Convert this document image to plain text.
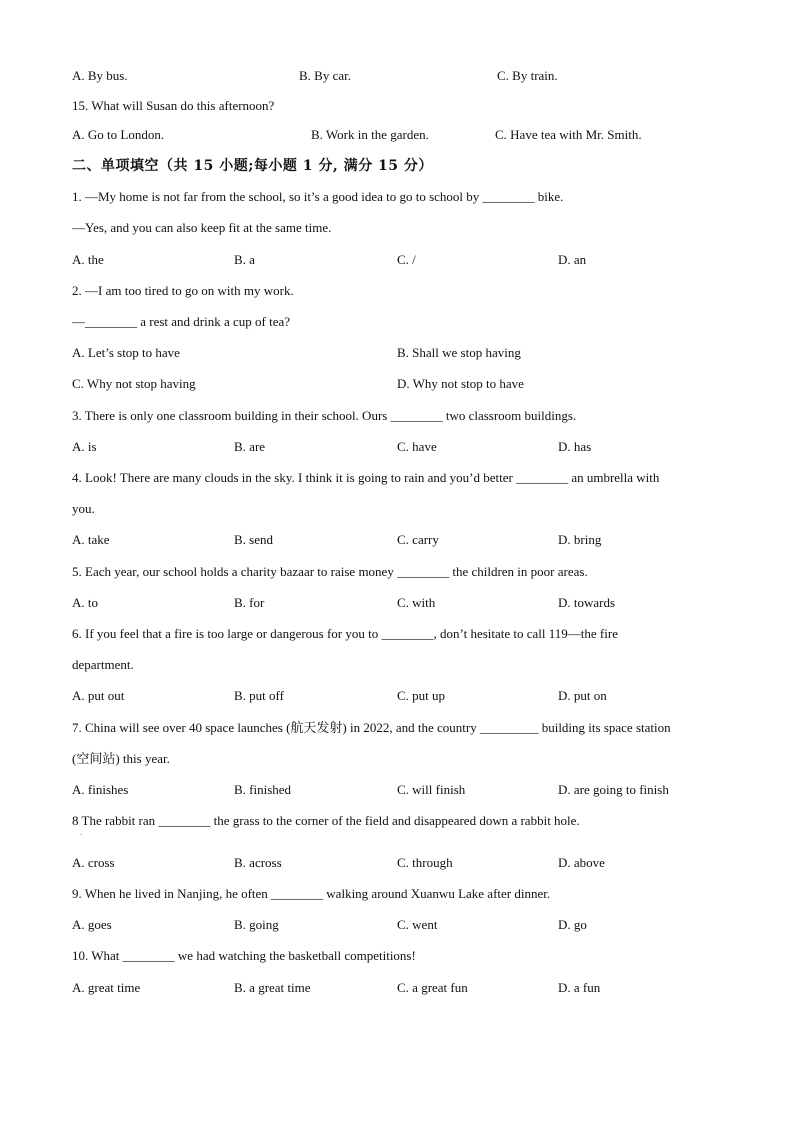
A. By bus.	B. By car.	C. By train.
15. What will Susan do this afternoon?
A. Go to London.	B. Work in the garden.	C. Have tea with Mr. Smith.
二、单项填空（共 15 小题;每小题 1 分, 满分 15 分）
1. —My home is not far from the school, so it’s a good idea to go to school by ________ bike.
—Yes, and you can also keep fit at the same time.
A. the	B. a	C. /	D. an
2. —I am too tired to go on with my work.
—________ a rest and drink a cup of tea?
A. Let’s stop to have	B. Shall we stop having
C. Why not stop having	D. Why not stop to have
3. There is only one classroom building in their school. Ours ________ two classroom buildings.
A. is	B. are	C. have	D. has
4. Look! There are many clouds in the sky. I think it is going to rain and you’d better ________ an umbrella with
you.
A. take	B. send	C. carry	D. bring
5. Each year, our school holds a charity bazaar to raise money ________ the children in poor areas.
A. to	B. for	C. with	D. towards
6. If you feel that a fire is too large or dangerous for you to ________, don’t hesitate to call 119—the fire
department.
A. put out	B. put off	C. put up	D. put on
7. China will see over 40 space launches (航天发射) in 2022, and the country _________ building its space station
(空间站) this year.
A. finishes	B. finished	C. will finish	D. are going to finish
8 The rabbit ran ________ the grass to the corner of the field and disappeared down a rabbit hole.
·
A. cross	B. across	C. through	D. above
9. When he lived in Nanjing, he often ________ walking around Xuanwu Lake after dinner.
A. goes	B. going	C. went	D. go
10. What ________ we had watching the basketball competitions!
A. great time	B. a great time	C. a great fun	D. a fun
